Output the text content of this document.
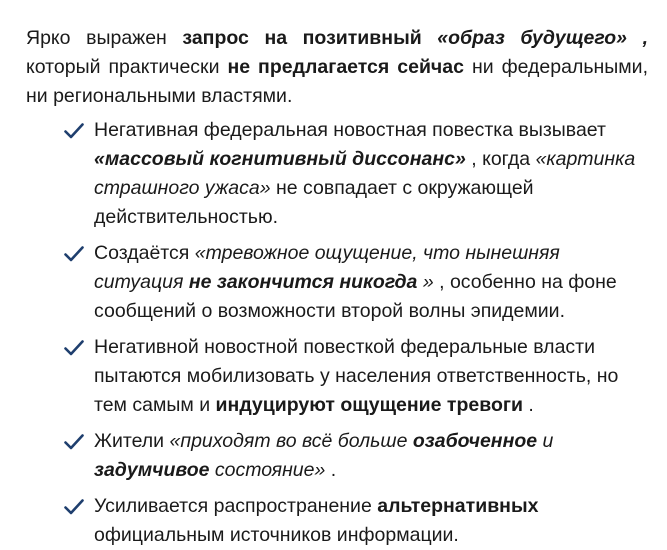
Ярко выражен запрос на позитивный «образ будущего» ,
который практически не предлагается сейчас ни федеральными, ни региональными властями.

Негативная федеральная новостная повестка вызывает «массовый когнитивный диссонанс» , когда «картинка страшного ужаса» не совпадает с окружающей действительностью.
Создаётся «тревожное ощущение, что нынешняя ситуация не закончится никогда » , особенно на фоне сообщений о возможности второй волны эпидемии.
Негативной новостной повесткой федеральные власти пытаются мобилизовать у населения ответственность, но тем самым и индуцируют ощущение тревоги .
Жители «приходят во всё больше озабоченное и задумчивое состояние» .
Усиливается распространение альтернативных официальным источников информации.
